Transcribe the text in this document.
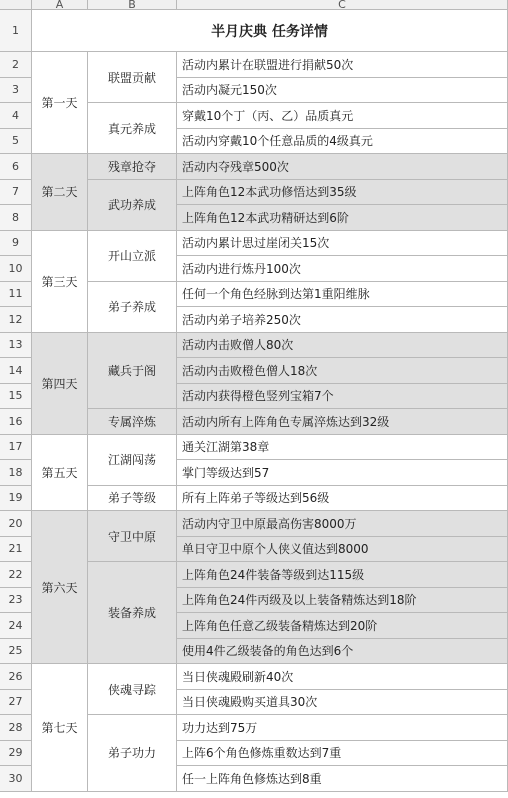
A	B	C
1
2
3
4
5
6
7
8
9
10
11
12
13
14
15
16
17
18
19
20
21
22
23
24
25
26
27
28
29
30
半月庆典 任务详情
第一天
第二天
第三天
第四天
第五天
第六天
第七天
联盟贡献
真元养成
残章抢夺
武功养成
开山立派
弟子养成
藏兵于阁
专属淬炼
江湖闯荡
弟子等级
守卫中原
装备养成
侠魂寻踪
弟子功力
活动内累计在联盟进行捐献50次
活动内凝元150次
穿戴10个丁（丙、乙）品质真元
活动内穿戴10个任意品质的4级真元
活动内夺残章500次
上阵角色12本武功修悟达到35级
上阵角色12本武功精研达到6阶
活动内累计思过崖闭关15次
活动内进行炼丹100次
任何一个角色经脉到达第1重阳维脉
活动内弟子培养250次
活动内击败僧人80次
活动内击败橙色僧人18次
活动内获得橙色竖列宝箱7个
活动内所有上阵角色专属淬炼达到32级
通关江湖第38章
掌门等级达到57
所有上阵弟子等级达到56级
活动内守卫中原最高伤害8000万
单日守卫中原个人侠义值达到8000
上阵角色24件装备等级到达115级
上阵角色24件丙级及以上装备精炼达到18阶
上阵角色任意乙级装备精炼达到20阶
使用4件乙级装备的角色达到6个
当日侠魂殿刷新40次
当日侠魂殿购买道具30次
功力达到75万
上阵6个角色修炼重数达到7重
任一上阵角色修炼达到8重
